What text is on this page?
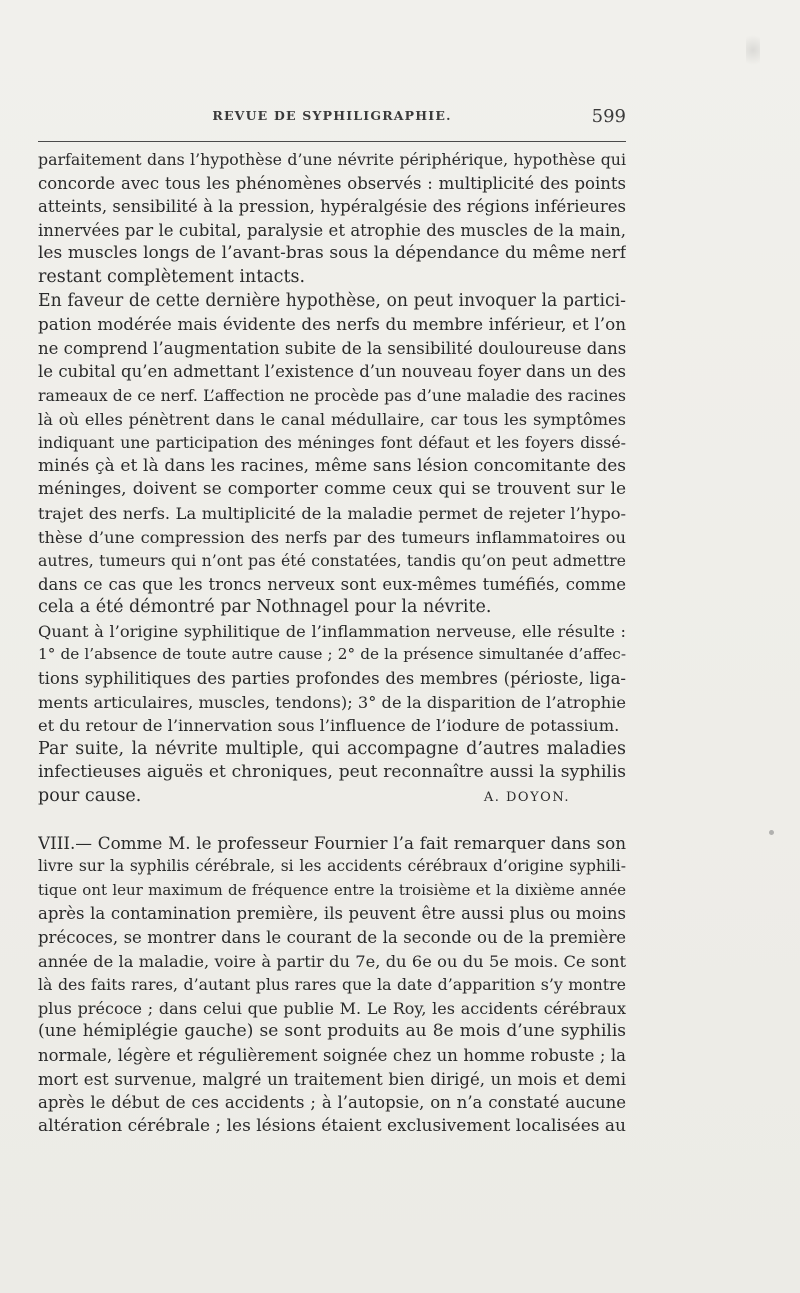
REVUE DE SYPHILIGRAPHIE.	599

parfaitement dans l’hypothèse d’une névrite périphérique, hypothèse qui
concorde avec tous les phénomènes observés : multiplicité des points
atteints, sensibilité à la pression, hypéralgésie des régions inférieures
innervées par le cubital, paralysie et atrophie des muscles de la main,
les muscles longs de l’avant-bras sous la dépendance du même nerf
restant complètement intacts.

En faveur de cette dernière hypothèse, on peut invoquer la partici-
pation modérée mais évidente des nerfs du membre inférieur, et l’on
ne comprend l’augmentation subite de la sensibilité douloureuse dans
le cubital qu’en admettant l’existence d’un nouveau foyer dans un des
rameaux de ce nerf. L’affection ne procède pas d’une maladie des racines
là où elles pénètrent dans le canal médullaire, car tous les symptômes
indiquant une participation des méninges font défaut et les foyers dissé-
minés çà et là dans les racines, même sans lésion concomitante des
méninges, doivent se comporter comme ceux qui se trouvent sur le
trajet des nerfs. La multiplicité de la maladie permet de rejeter l’hypo-
thèse d’une compression des nerfs par des tumeurs inflammatoires ou
autres, tumeurs qui n’ont pas été constatées, tandis qu’on peut admettre
dans ce cas que les troncs nerveux sont eux-mêmes tuméfiés, comme
cela a été démontré par Nothnagel pour la névrite.

Quant à l’origine syphilitique de l’inflammation nerveuse, elle résulte :
1° de l’absence de toute autre cause ; 2° de la présence simultanée d’affec-
tions syphilitiques des parties profondes des membres (périoste, liga-
ments articulaires, muscles, tendons); 3° de la disparition de l’atrophie
et du retour de l’innervation sous l’influence de l’iodure de potassium.

Par suite, la névrite multiple, qui accompagne d’autres maladies
infectieuses aiguës et chroniques, peut reconnaître aussi la syphilis
pour cause.	A. DOYON.

VIII.— Comme M. le professeur Fournier l’a fait remarquer dans son
livre sur la syphilis cérébrale, si les accidents cérébraux d’origine syphili-
tique ont leur maximum de fréquence entre la troisième et la dixième année
après la contamination première, ils peuvent être aussi plus ou moins
précoces, se montrer dans le courant de la seconde ou de la première
année de la maladie, voire à partir du 7e, du 6e ou du 5e mois. Ce sont
là des faits rares, d’autant plus rares que la date d’apparition s’y montre
plus précoce ; dans celui que publie M. Le Roy, les accidents cérébraux
(une hémiplégie gauche) se sont produits au 8e mois d’une syphilis
normale, légère et régulièrement soignée chez un homme robuste ; la
mort est survenue, malgré un traitement bien dirigé, un mois et demi
après le début de ces accidents ; à l’autopsie, on n’a constaté aucune
altération cérébrale ; les lésions étaient exclusivement localisées au
